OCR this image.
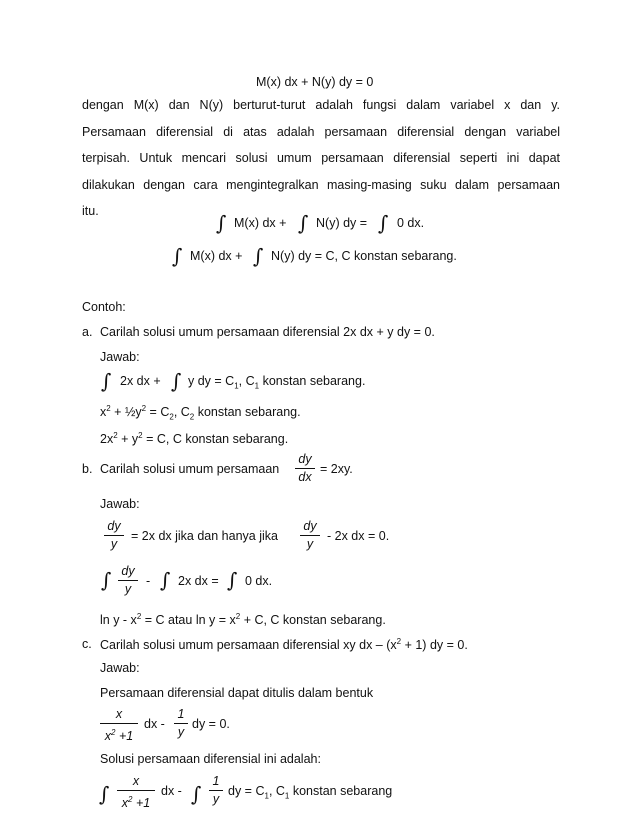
M(x) dx + N(y) dy = 0
dengan M(x) dan N(y) berturut-turut adalah fungsi dalam variabel x dan y.
Persamaan diferensial di atas adalah persamaan diferensial dengan variabel
terpisah. Untuk mencari solusi umum persamaan diferensial seperti ini dapat
dilakukan dengan cara mengintegralkan masing-masing suku dalam persamaan
itu.	∫ M(x) dx + ∫ N(y) dy = ∫ 0 dx.
∫ M(x) dx + ∫ N(y) dy = C, C konstan sebarang.
Contoh:
a. Carilah solusi umum persamaan diferensial 2x dx + y dy = 0.
Jawab:
∫ 2x dx + ∫ y dy = $C_1$, $C_1$ konstan sebarang.
$x^2$ + $\frac{1}{2}y^2 = C_2$, $C_2$ konstan sebarang.
$2x^2 + y^2 = C$, C konstan sebarang.
b. Carilah solusi umum persamaan
dy
dx
= 2xy.
Jawab:
dy
y
= 2x dx jika dan hanya jika
dy
y
- 2x dx = 0.
∫ dy
y
- ∫ 2x dx = ∫ 0 dx.
$\ln y - x^2 = C$ atau $\ln y = x^2 + C$, C konstan sebarang.
c. Carilah solusi umum persamaan diferensial xy dx – $(x^2 + 1)$ dy = 0.
Jawab:
Persamaan diferensial dapat ditulis dalam bentuk
x
$x^2 +1$
dx -
1
y
dy = 0.
Solusi persamaan diferensial ini adalah:
∫
x
$x^2 +1$
dx - ∫
1
y
dy = $C_1$, $C_1$ konstan sebarang
